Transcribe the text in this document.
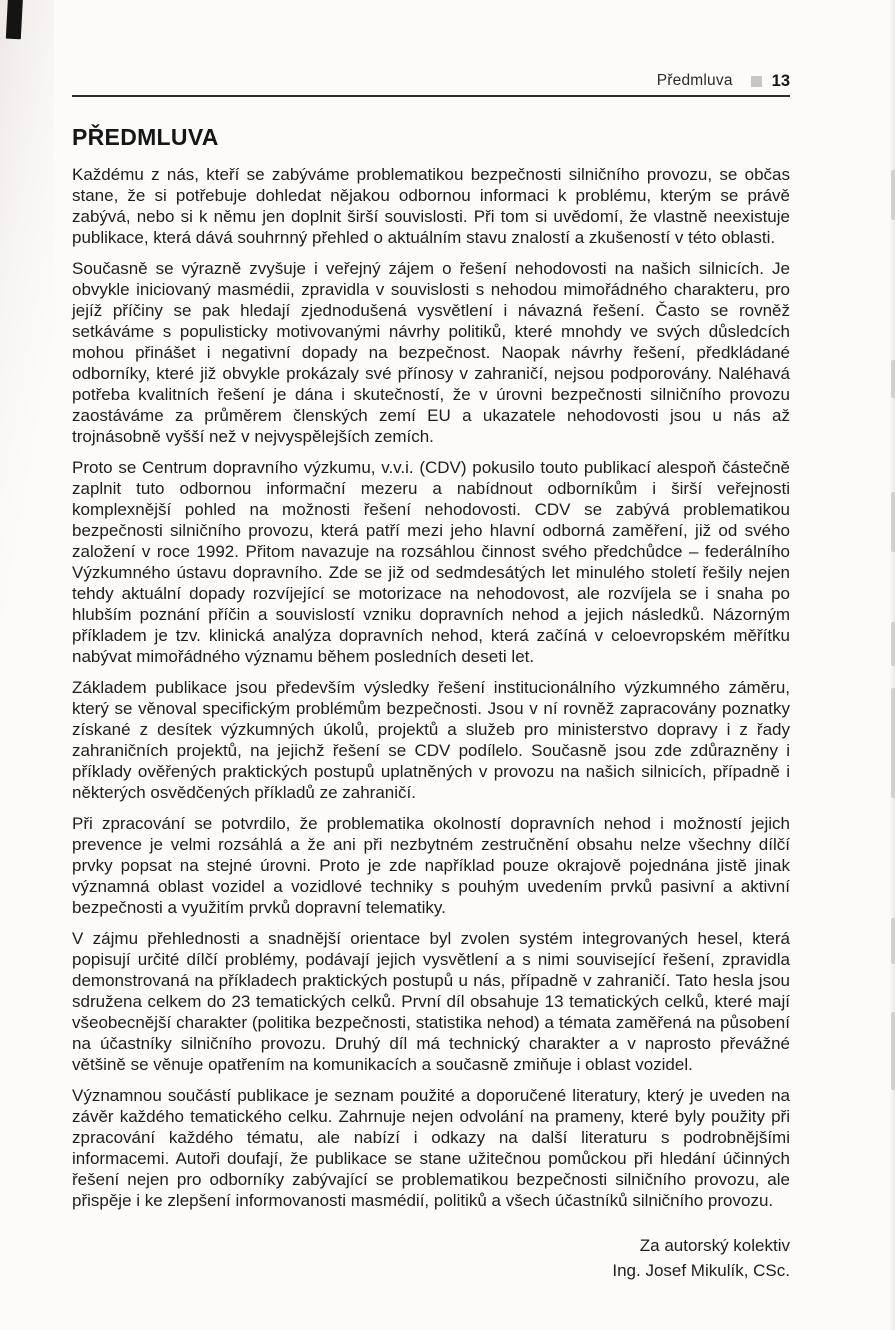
Předmluva 13
PŘEDMLUVA

Každému z nás, kteří se zabýváme problematikou bezpečnosti silničního provozu, se občas stane, že si potřebuje dohledat nějakou odbornou informaci k problému, kterým se právě zabývá, nebo si k němu jen doplnit širší souvislosti. Při tom si uvědomí, že vlastně neexistuje publikace, která dává souhrnný přehled o aktuálním stavu znalostí a zkušeností v této oblasti.

Současně se výrazně zvyšuje i veřejný zájem o řešení nehodovosti na našich silnicích. Je obvykle iniciovaný masmédii, zpravidla v souvislosti s nehodou mimořádného charakteru, pro jejíž příčiny se pak hledají zjednodušená vysvětlení i návazná řešení. Často se rovněž setkáváme s populisticky motivovanými návrhy politiků, které mnohdy ve svých důsledcích mohou přinášet i negativní dopady na bezpečnost. Naopak návrhy řešení, předkládané odborníky, které již obvykle prokázaly své přínosy v zahraničí, nejsou podporovány. Naléhavá potřeba kvalitních řešení je dána i skutečností, že v úrovni bezpečnosti silničního provozu zaostáváme za průměrem členských zemí EU a ukazatele nehodovosti jsou u nás až trojnásobně vyšší než v nejvyspělejších zemích.

Proto se Centrum dopravního výzkumu, v.v.i. (CDV) pokusilo touto publikací alespoň částečně zaplnit tuto odbornou informační mezeru a nabídnout odborníkům i širší veřejnosti komplexnější pohled na možnosti řešení nehodovosti. CDV se zabývá problematikou bezpečnosti silničního provozu, která patří mezi jeho hlavní odborná zaměření, již od svého založení v roce 1992. Přitom navazuje na rozsáhlou činnost svého předchůdce – federálního Výzkumného ústavu dopravního. Zde se již od sedmdesátých let minulého století řešily nejen tehdy aktuální dopady rozvíjející se motorizace na nehodovost, ale rozvíjela se i snaha po hlubším poznání příčin a souvislostí vzniku dopravních nehod a jejich následků. Názorným příkladem je tzv. klinická analýza dopravních nehod, která začíná v celoevropském měřítku nabývat mimořádného významu během posledních deseti let.

Základem publikace jsou především výsledky řešení institucionálního výzkumného záměru, který se věnoval specifickým problémům bezpečnosti. Jsou v ní rovněž zapracovány poznatky získané z desítek výzkumných úkolů, projektů a služeb pro ministerstvo dopravy i z řady zahraničních projektů, na jejichž řešení se CDV podílelo. Současně jsou zde zdůrazněny i příklady ověřených praktických postupů uplatněných v provozu na našich silnicích, případně i některých osvědčených příkladů ze zahraničí.

Při zpracování se potvrdilo, že problematika okolností dopravních nehod i možností jejich prevence je velmi rozsáhlá a že ani při nezbytném zestručnění obsahu nelze všechny dílčí prvky popsat na stejné úrovni. Proto je zde například pouze okrajově pojednána jistě jinak významná oblast vozidel a vozidlové techniky s pouhým uvedením prvků pasivní a aktivní bezpečnosti a využitím prvků dopravní telematiky.

V zájmu přehlednosti a snadnější orientace byl zvolen systém integrovaných hesel, která popisují určité dílčí problémy, podávají jejich vysvětlení a s nimi související řešení, zpravidla demonstrovaná na příkladech praktických postupů u nás, případně v zahraničí. Tato hesla jsou sdružena celkem do 23 tematických celků. První díl obsahuje 13 tematických celků, které mají všeobecnější charakter (politika bezpečnosti, statistika nehod) a témata zaměřená na působení na účastníky silničního provozu. Druhý díl má technický charakter a v naprosto převážné většině se věnuje opatřením na komunikacích a současně zmiňuje i oblast vozidel.

Významnou součástí publikace je seznam použité a doporučené literatury, který je uveden na závěr každého tematického celku. Zahrnuje nejen odvolání na prameny, které byly použity při zpracování každého tématu, ale nabízí i odkazy na další literaturu s podrobnějšími informacemi. Autoři doufají, že publikace se stane užitečnou pomůckou při hledání účinných řešení nejen pro odborníky zabývající se problematikou bezpečnosti silničního provozu, ale přispěje i ke zlepšení informovanosti masmédií, politiků a všech účastníků silničního provozu.

Za autorský kolektiv
Ing. Josef Mikulík, CSc.
